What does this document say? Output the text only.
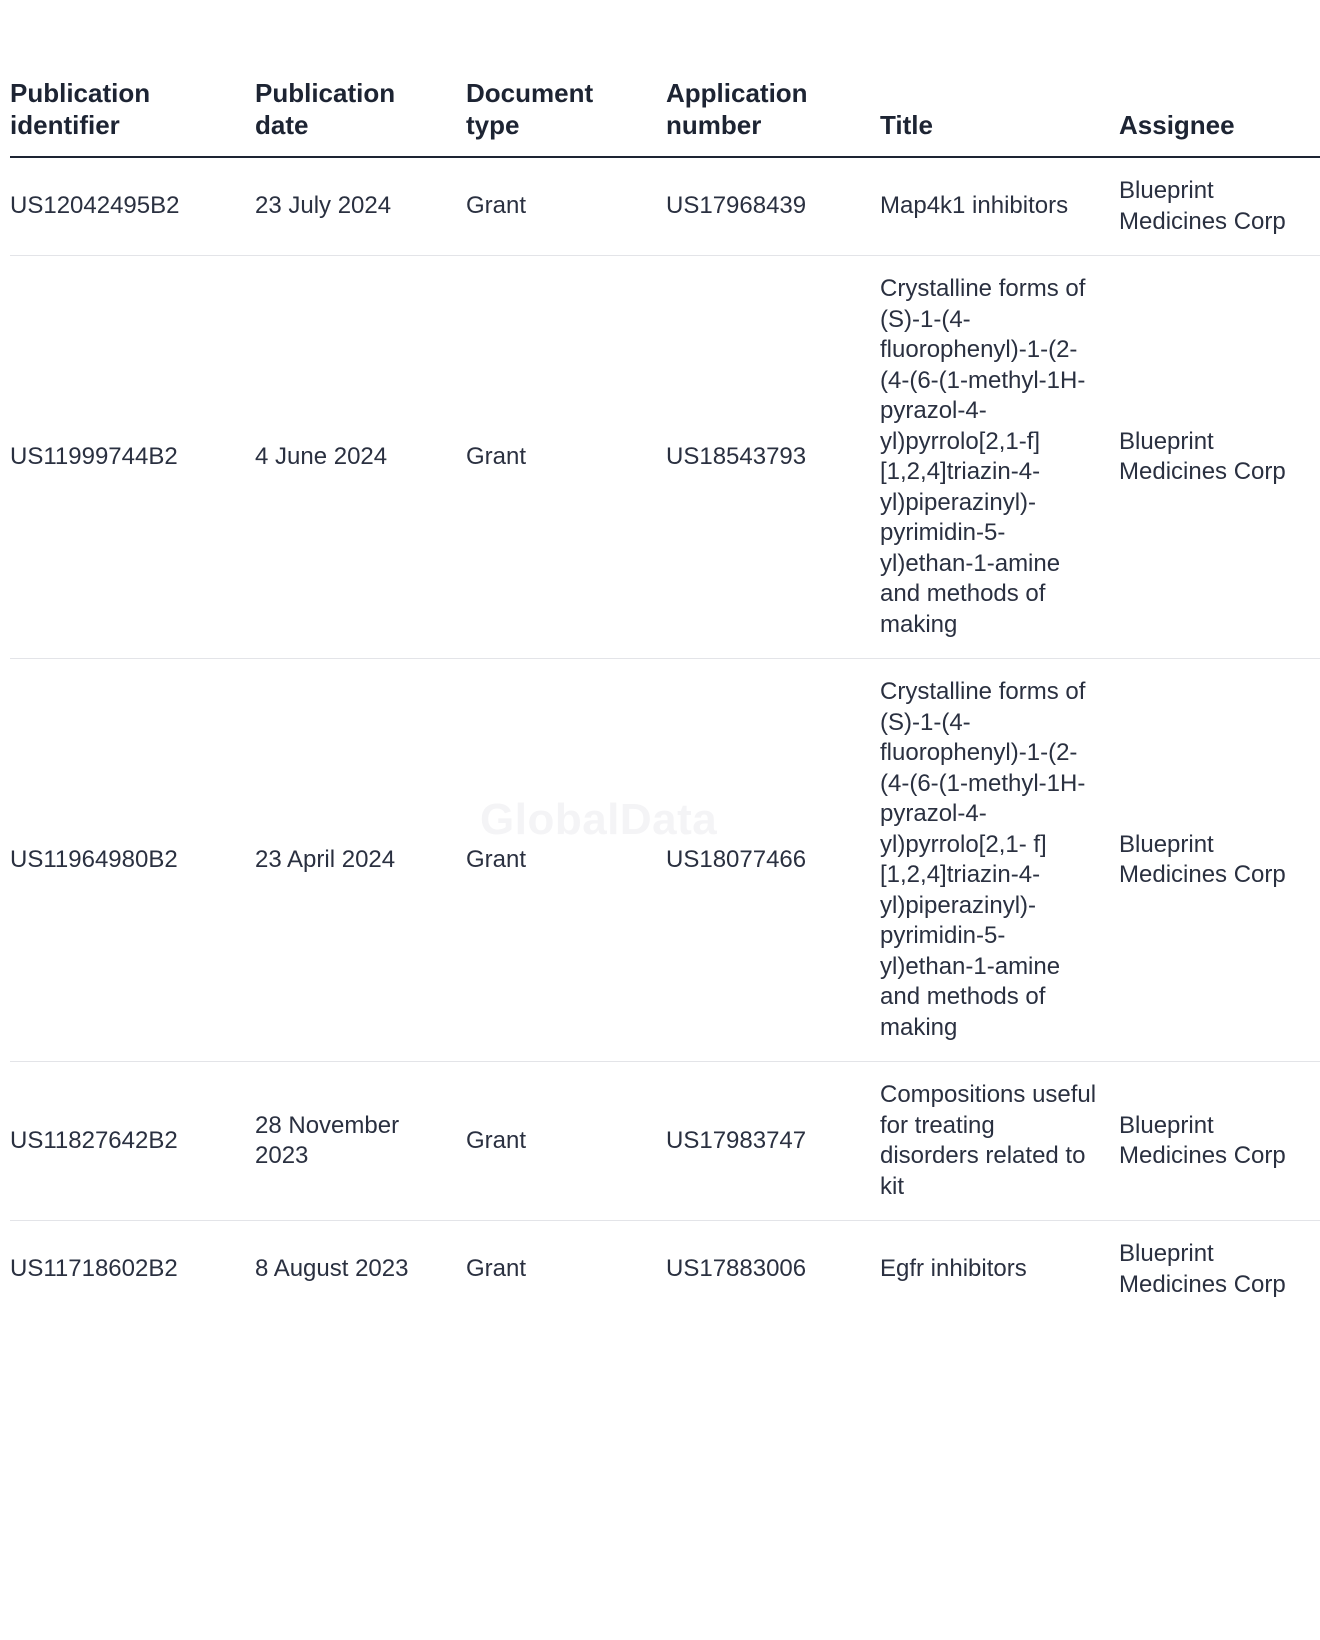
GlobalData
Publication identifier	Publication date	Document type	Application number	Title	Assignee
US12042495B2	23 July 2024	Grant	US17968439	Map4k1 inhibitors	Blueprint Medicines Corp
US11999744B2	4 June 2024	Grant	US18543793	Crystalline forms of (S)-1-(4-fluorophenyl)-1-(2-(4-(6-(1-methyl-1H-pyrazol-4-yl)pyrrolo[2,1-f][1,2,4]triazin-4-yl)piperazinyl)-pyrimidin-5-yl)ethan-1-amine and methods of making	Blueprint Medicines Corp
US11964980B2	23 April 2024	Grant	US18077466	Crystalline forms of (S)-1-(4-fluorophenyl)-1-(2-(4-(6-(1-methyl-1H-pyrazol-4-yl)pyrrolo[2,1- f][1,2,4]triazin-4-yl)piperazinyl)-pyrimidin-5-yl)ethan-1-amine and methods of making	Blueprint Medicines Corp
US11827642B2	28 November 2023	Grant	US17983747	Compositions useful for treating disorders related to kit	Blueprint Medicines Corp
US11718602B2	8 August 2023	Grant	US17883006	Egfr inhibitors	Blueprint Medicines Corp
